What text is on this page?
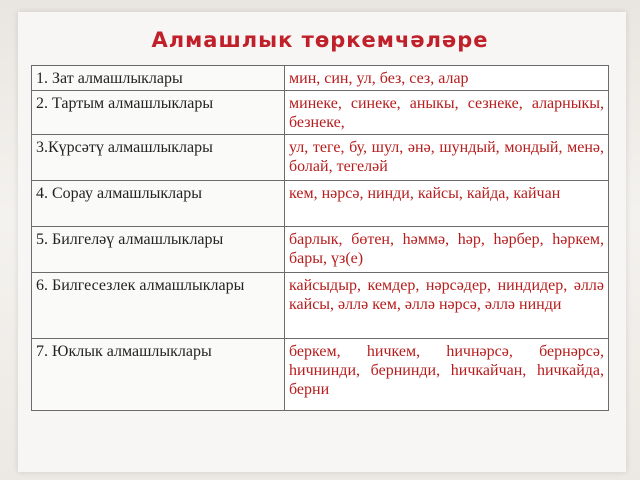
Алмашлык төркемчәләре
1. Зат алмашлыклары	мин, син, ул, без, сез, алар
2. Тартым алмашлыклары	минеке, синеке, аныкы, сезнеке, аларныкы, безнеке,
3.Күрсәтү алмашлыклары	ул, теге, бу, шул, әнә, шундый, мондый, менә, болай, тегеләй
4. Сорау алмашлыклары	кем, нәрсә, нинди, кайсы, кайда, кайчан
5. Билгеләү алмашлыклары	барлык, бөтен, һәммә, һәр, һәрбер, һәркем, бары, үз(е)
6. Билгесезлек алмашлыклары	кайсыдыр, кемдер, нәрсәдер, ниндидер, әллә кайсы, әллә кем, әллә нәрсә, әллә нинди
7. Юклык алмашлыклары	беркем, һичкем, һичнәрсә, бернәрсә, һичнинди, бернинди, һичкайчан, һичкайда, берни
